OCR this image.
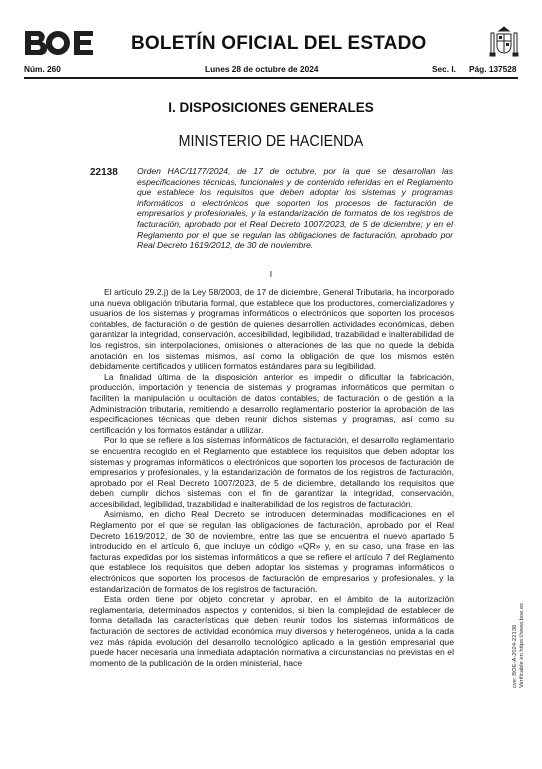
BOLETÍN OFICIAL DEL ESTADO
Núm. 260	Lunes 28 de octubre de 2024	Sec. I. Pág. 137528
I. DISPOSICIONES GENERALES
MINISTERIO DE HACIENDA
22138 Orden HAC/1177/2024, de 17 de octubre, por la que se desarrollan las especificaciones técnicas, funcionales y de contenido referidas en el Reglamento que establece los requisitos que deben adoptar los sistemas y programas informáticos o electrónicos que soporten los procesos de facturación de empresarios y profesionales, y la estandarización de formatos de los registros de facturación, aprobado por el Real Decreto 1007/2023, de 5 de diciembre; y en el Reglamento por el que se regulan las obligaciones de facturación, aprobado por Real Decreto 1619/2012, de 30 de noviembre.
I

El artículo 29.2.j) de la Ley 58/2003, de 17 de diciembre, General Tributaria, ha incorporado una nueva obligación tributaria formal, que establece que los productores, comercializadores y usuarios de los sistemas y programas informáticos o electrónicos que soporten los procesos contables, de facturación o de gestión de quienes desarrollen actividades económicas, deben garantizar la integridad, conservación, accesibilidad, legibilidad, trazabilidad e inalterabilidad de los registros, sin interpolaciones, omisiones o alteraciones de las que no quede la debida anotación en los sistemas mismos, así como la obligación de que los mismos estén debidamente certificados y utilicen formatos estándares para su legibilidad.

La finalidad última de la disposición anterior es impedir o dificultar la fabricación, producción, importación y tenencia de sistemas y programas informáticos que permitan o faciliten la manipulación u ocultación de datos contables, de facturación o de gestión a la Administración tributaria, remitiendo a desarrollo reglamentario posterior la aprobación de las especificaciones técnicas que deben reunir dichos sistemas y programas, así como su certificación y los formatos estándar a utilizar.

Por lo que se refiere a los sistemas informáticos de facturación, el desarrollo reglamentario se encuentra recogido en el Reglamento que establece los requisitos que deben adoptar los sistemas y programas informáticos o electrónicos que soporten los procesos de facturación de empresarios y profesionales, y la estandarización de formatos de los registros de facturación, aprobado por el Real Decreto 1007/2023, de 5 de diciembre, detallando los requisitos que deben cumplir dichos sistemas con el fin de garantizar la integridad, conservación, accesibilidad, legibilidad, trazabilidad e inalterabilidad de los registros de facturación.

Asimismo, en dicho Real Decreto se introducen determinadas modificaciones en el Reglamento por el que se regulan las obligaciones de facturación, aprobado por el Real Decreto 1619/2012, de 30 de noviembre, entre las que se encuentra el nuevo apartado 5 introducido en el artículo 6, que incluye un código «QR» y, en su caso, una frase en las facturas expedidas por los sistemas informáticos a que se refiere el artículo 7 del Reglamento que establece los requisitos que deben adoptar los sistemas y programas informáticos o electrónicos que soporten los procesos de facturación de empresarios y profesionales, y la estandarización de formatos de los registros de facturación.

Esta orden tiene por objeto concretar y aprobar, en el ámbito de la autorización reglamentaria, determinados aspectos y contenidos, si bien la complejidad de establecer de forma detallada las características que deben reunir todos los sistemas informáticos de facturación de sectores de actividad económica muy diversos y heterogéneos, unida a la cada vez más rápida evolución del desarrollo tecnológico aplicado a la gestión empresarial que puede hacer necesaria una inmediata adaptación normativa a circunstancias no previstas en el momento de la publicación de la orden ministerial, hace	cve: BOE-A-2024-22138 Verificable en https://www.boe.es
